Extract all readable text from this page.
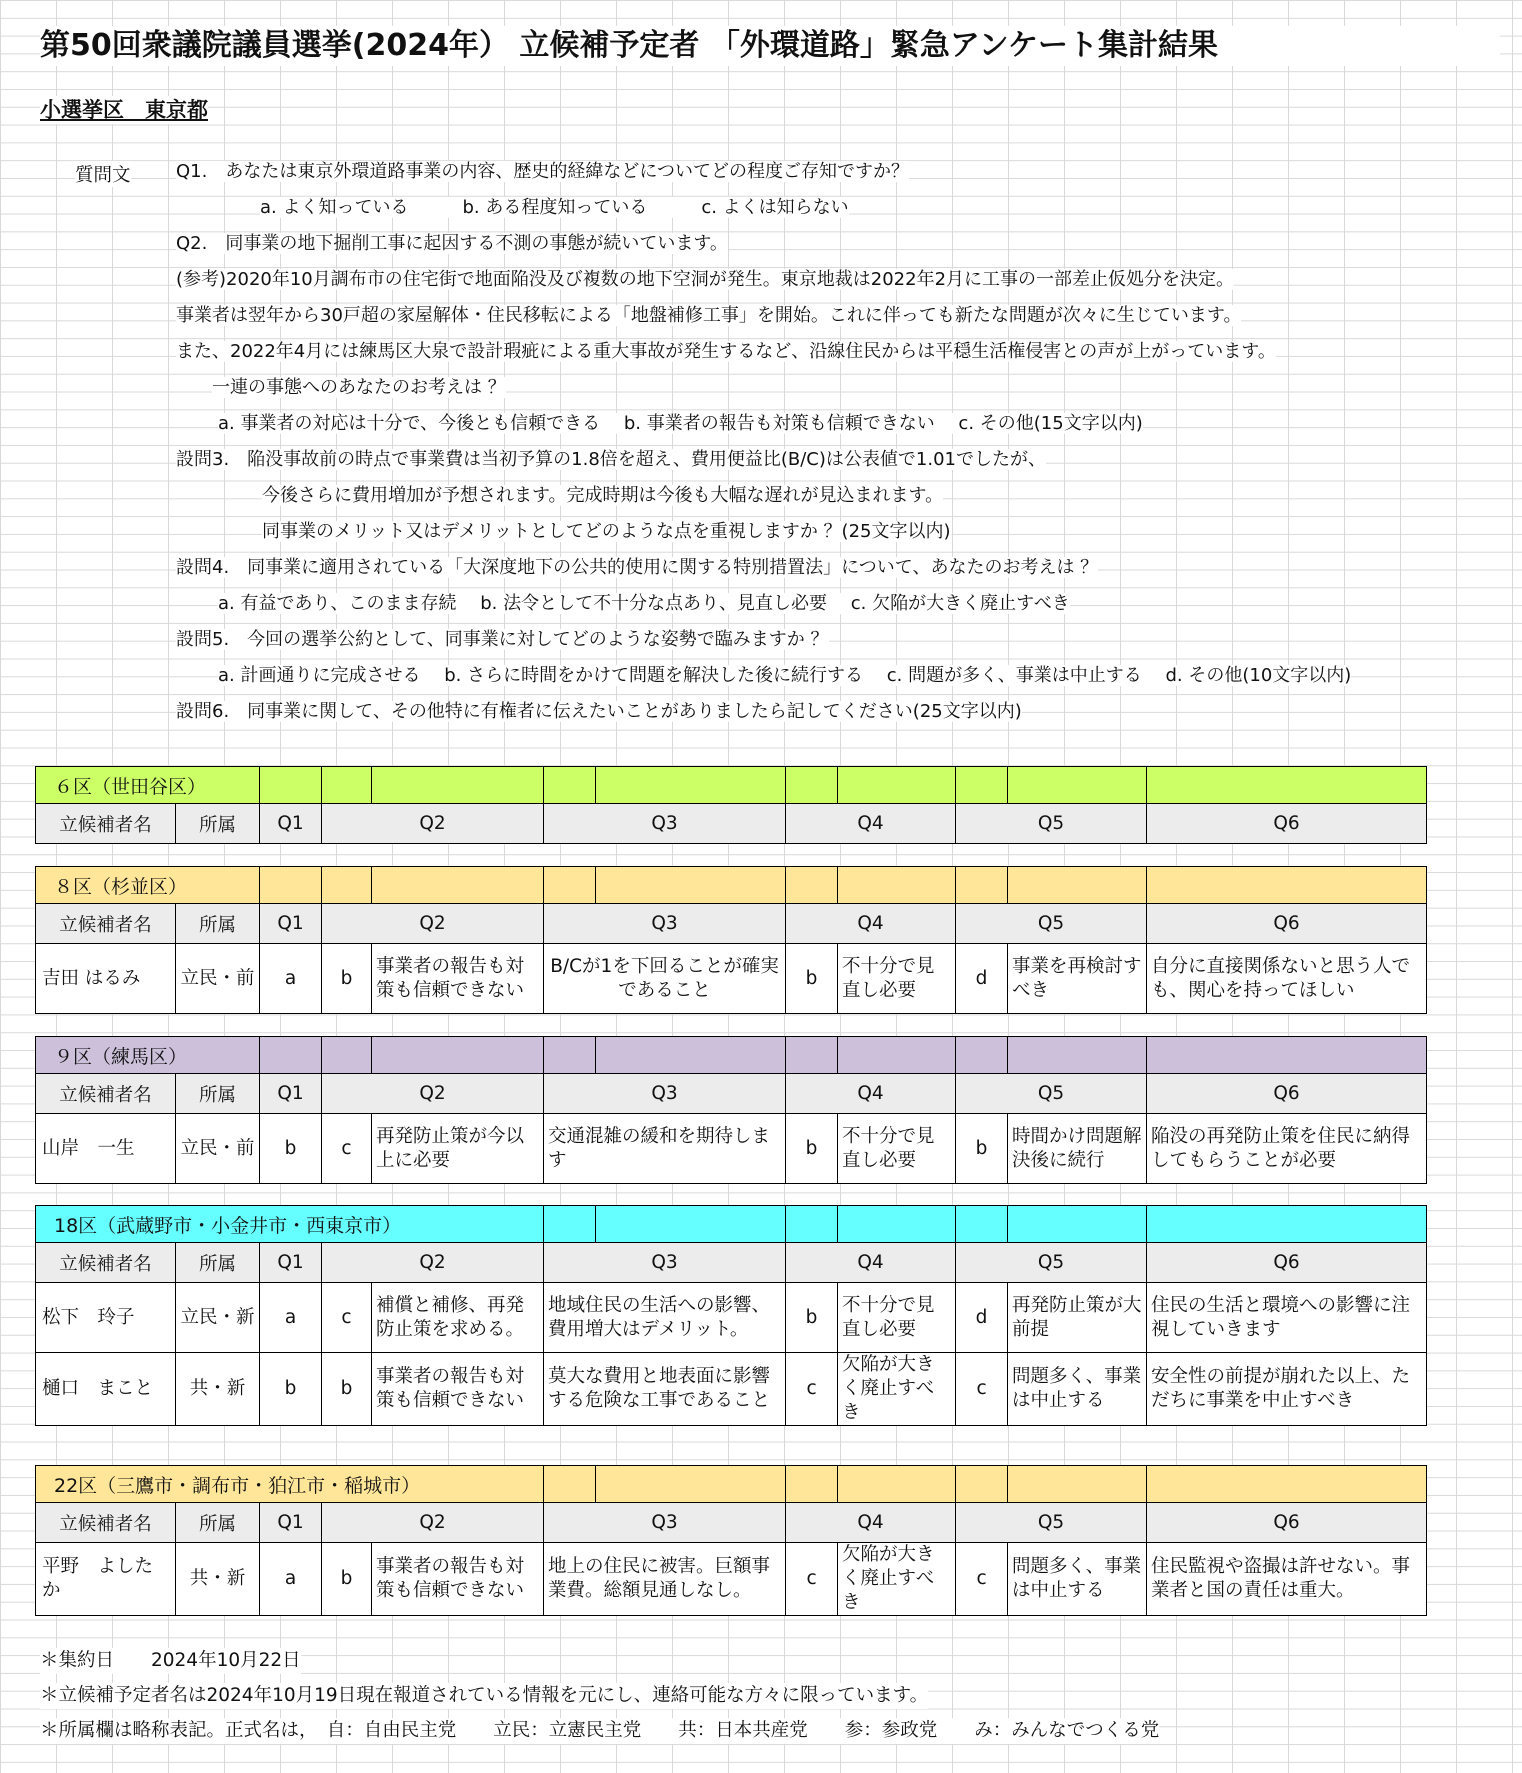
第50回衆議院議員選挙(2024年） 立候補予定者 「外環道路」緊急アンケート集計結果
小選挙区　東京都
質問文	Q1.　あなたは東京外環道路事業の内容、歴史的経緯などについてどの程度ご存知ですか？
a. よく知っている　　　b. ある程度知っている　　　c. よくは知らない
Q2.　同事業の地下掘削工事に起因する不測の事態が続いています。
(参考)2020年10月調布市の住宅街で地面陥没及び複数の地下空洞が発生。東京地裁は2022年2月に工事の一部差止仮処分を決定。
事業者は翌年から30戸超の家屋解体・住民移転による「地盤補修工事」を開始。これに伴っても新たな問題が次々に生じています。
また、2022年4月には練馬区大泉で設計瑕疵による重大事故が発生するなど、沿線住民からは平穏生活権侵害との声が上がっています。
一連の事態へのあなたのお考えは ？
a. 事業者の対応は十分で、今後とも信頼できる　 b. 事業者の報告も対策も信頼できない　 c. その他(15文字以内)
設問3.　陥没事故前の時点で事業費は当初予算の1.8倍を超え、費用便益比(B/C)は公表値で1.01でしたが、
今後さらに費用増加が予想されます。完成時期は今後も大幅な遅れが見込まれます。
同事業のメリット又はデメリットとしてどのような点を重視しますか ？(25文字以内)
設問4.　同事業に適用されている「大深度地下の公共的使用に関する特別措置法」について、あなたのお考えは ？
a. 有益であり、このまま存続　 b. 法令として不十分な点あり、見直し必要　 c. 欠陥が大きく廃止すべき
設問5.　今回の選挙公約として、同事業に対してどのような姿勢で臨みますか ？
a. 計画通りに完成させる　 b. さらに時間をかけて問題を解決した後に続行する　 c. 問題が多く、事業は中止する　 d. その他(10文字以内)
設問6.　同事業に関して、その他特に有権者に伝えたいことがありましたら記してください(25文字以内)
６区（世田谷区）											
立候補者名	所属	Q1	Q2		Q3		Q4		Q5		Q6
８区（杉並区）											
立候補者名	所属	Q1	Q2		Q3		Q4		Q5		Q6
吉田 はるみ	立民・前	a	b	事業者の報告も対策も信頼できない	B/Cが1を下回ることが確実であること		b	不十分で見直し必要	d	事業を再検討すべき	自分に直接関係ないと思う人でも、関心を持ってほしい
９区（練馬区）											
立候補者名	所属	Q1	Q2		Q3		Q4		Q5		Q6
山岸　一生	立民・前	b	c	再発防止策が今以上に必要	交通混雑の緩和を期待します		b	不十分で見直し必要	b	時間かけ問題解決後に続行	陥没の再発防止策を住民に納得してもらうことが必要
18区（武蔵野市・小金井市・西東京市）											
立候補者名	所属	Q1	Q2		Q3		Q4		Q5		Q6
松下　玲子	立民・新	a	c	補償と補修、再発防止策を求める。	地域住民の生活への影響、費用増大はデメリット。		b	不十分で見直し必要	d	再発防止策が大前提	住民の生活と環境への影響に注視していきます
樋口　まこと	共・新	b	b	事業者の報告も対策も信頼できない	莫大な費用と地表面に影響する危険な工事であること		c	欠陥が大きく廃止すべき	c	問題多く、事業は中止する	安全性の前提が崩れた以上、ただちに事業を中止すべき
22区（三鷹市・調布市・狛江市・稲城市）											
立候補者名	所属	Q1	Q2		Q3		Q4		Q5		Q6
平野　よしたか	共・新	a	b	事業者の報告も対策も信頼できない	地上の住民に被害。巨額事業費。総額見通しなし。		c	欠陥が大きく廃止すべき	c	問題多く、事業は中止する	住民監視や盗撮は許せない。事業者と国の責任は重大。
＊集約日　　2024年10月22日
＊立候補予定者名は2024年10月19日現在報道されている情報を元にし、連絡可能な方々に限っています。
＊所属欄は略称表記。正式名は，　自：自由民主党　　立民：立憲民主党　　共：日本共産党　　参：参政党　　み：みんなでつくる党
